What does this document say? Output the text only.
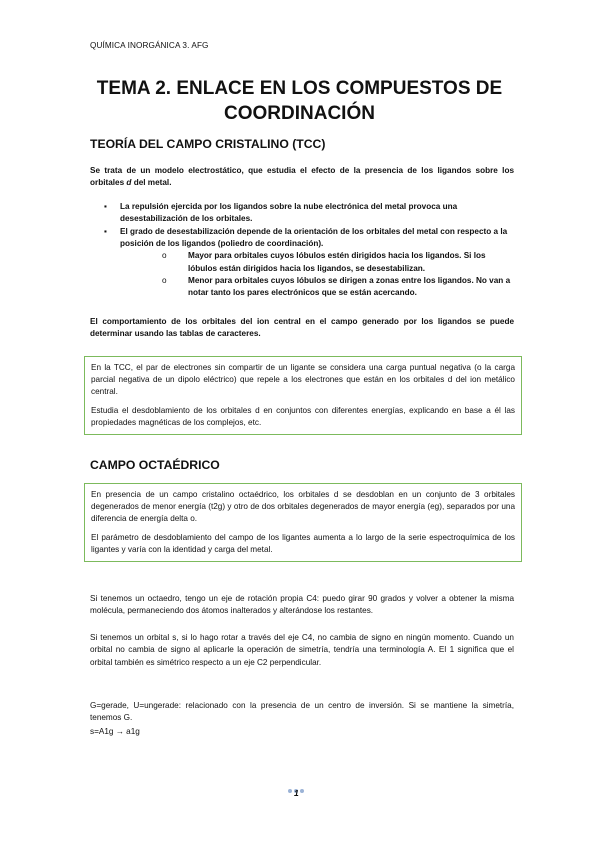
QUÍMICA INORGÁNICA 3. AFG
TEMA 2. ENLACE EN LOS COMPUESTOS DE COORDINACIÓN
TEORÍA DEL CAMPO CRISTALINO (TCC)
Se trata de un modelo electrostático, que estudia el efecto de la presencia de los ligandos sobre los orbitales d del metal.
▪ La repulsión ejercida por los ligandos sobre la nube electrónica del metal provoca una desestabilización de los orbitales.
▪ El grado de desestabilización depende de la orientación de los orbitales del metal con respecto a la posición de los ligandos (poliedro de coordinación).
o	Mayor para orbitales cuyos lóbulos estén dirigidos hacia los ligandos. Si los lóbulos están dirigidos hacia los ligandos, se desestabilizan.
o	Menor para orbitales cuyos lóbulos se dirigen a zonas entre los ligandos. No van a notar tanto los pares electrónicos que se están acercando.
El comportamiento de los orbitales del ion central en el campo generado por los ligandos se puede determinar usando las tablas de caracteres.

En la TCC, el par de electrones sin compartir de un ligante se considera una carga puntual negativa (o la carga parcial negativa de un dipolo eléctrico) que repele a los electrones que están en los orbitales d del ion metálico central.

Estudia el desdoblamiento de los orbitales d en conjuntos con diferentes energías, explicando en base a él las propiedades magnéticas de los complejos, etc.

CAMPO OCTAÉDRICO

En presencia de un campo cristalino octaédrico, los orbitales d se desdoblan en un conjunto de 3 orbitales degenerados de menor energía (t2g) y otro de dos orbitales degenerados de mayor energía (eg), separados por una diferencia de energía delta o.

El parámetro de desdoblamiento del campo de los ligantes aumenta a lo largo de la serie espectroquímica de los ligantes y varía con la identidad y carga del metal.

Si tenemos un octaedro, tengo un eje de rotación propia C4: puedo girar 90 grados y volver a obtener la misma molécula, permaneciendo dos átomos inalterados y alterándose los restantes.
Si tenemos un orbital s, si lo hago rotar a través del eje C4, no cambia de signo en ningún momento. Cuando un orbital no cambia de signo al aplicarle la operación de simetría, tendría una terminología A. El 1 significa que el orbital también es simétrico respecto a un eje C2 perpendicular.
G=gerade, U=ungerade: relacionado con la presencia de un centro de inversión. Si se mantiene la simetría, tenemos G.
s=A1g → a1g
1
